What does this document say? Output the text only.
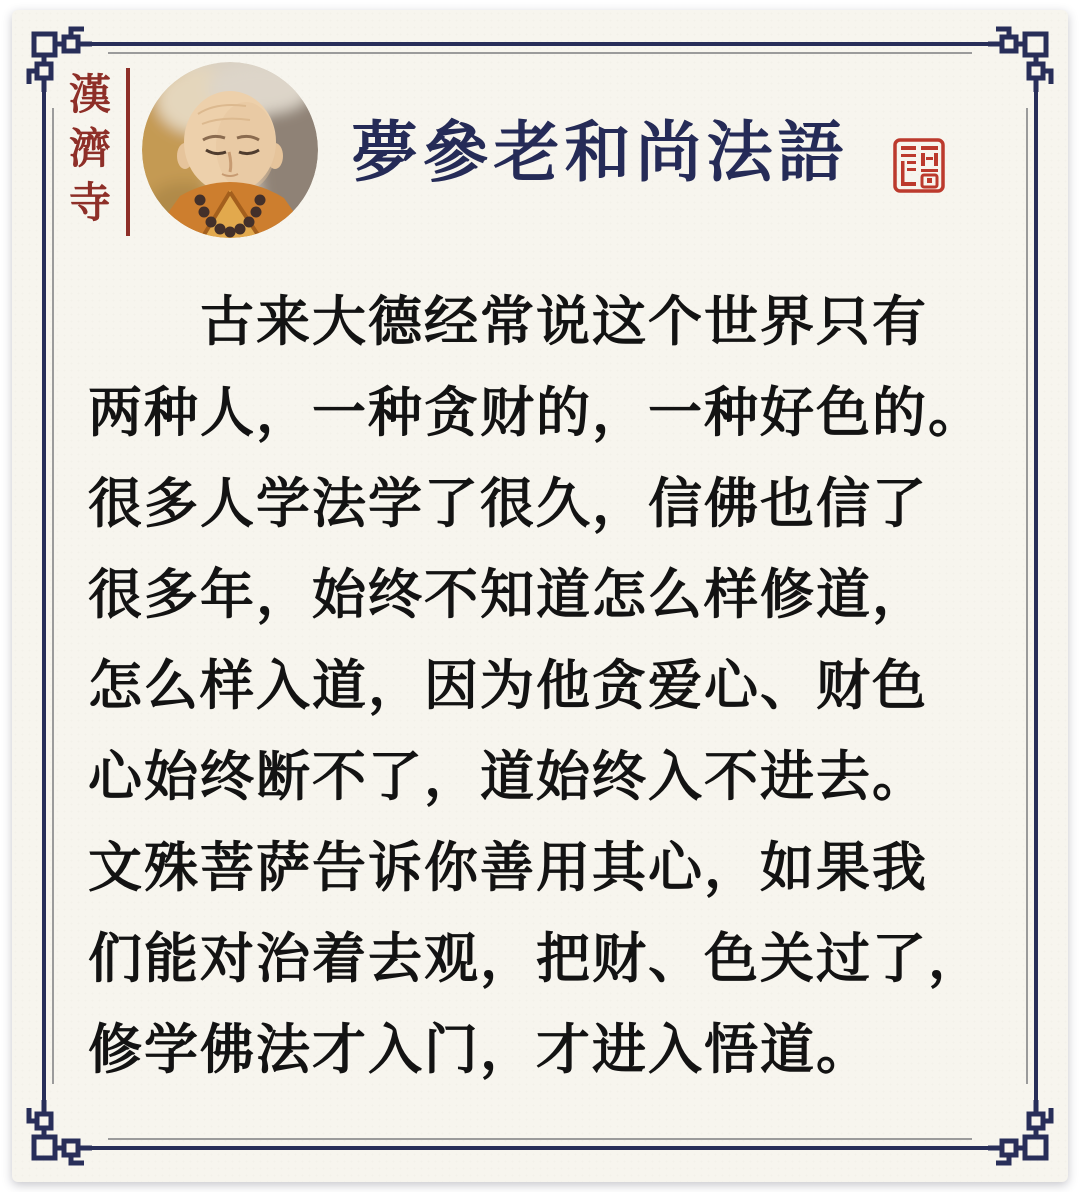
漢濟寺	夢參老和尚法語
古来大德经常说这个世界只有
两种人，一种贪财的，一种好色的。
很多人学法学了很久，信佛也信了
很多年，始终不知道怎么样修道，
怎么样入道，因为他贪爱心、财色
心始终断不了，道始终入不进去。
文殊菩萨告诉你善用其心，如果我
们能对治着去观，把财、色关过了，
修学佛法才入门，才进入悟道。
